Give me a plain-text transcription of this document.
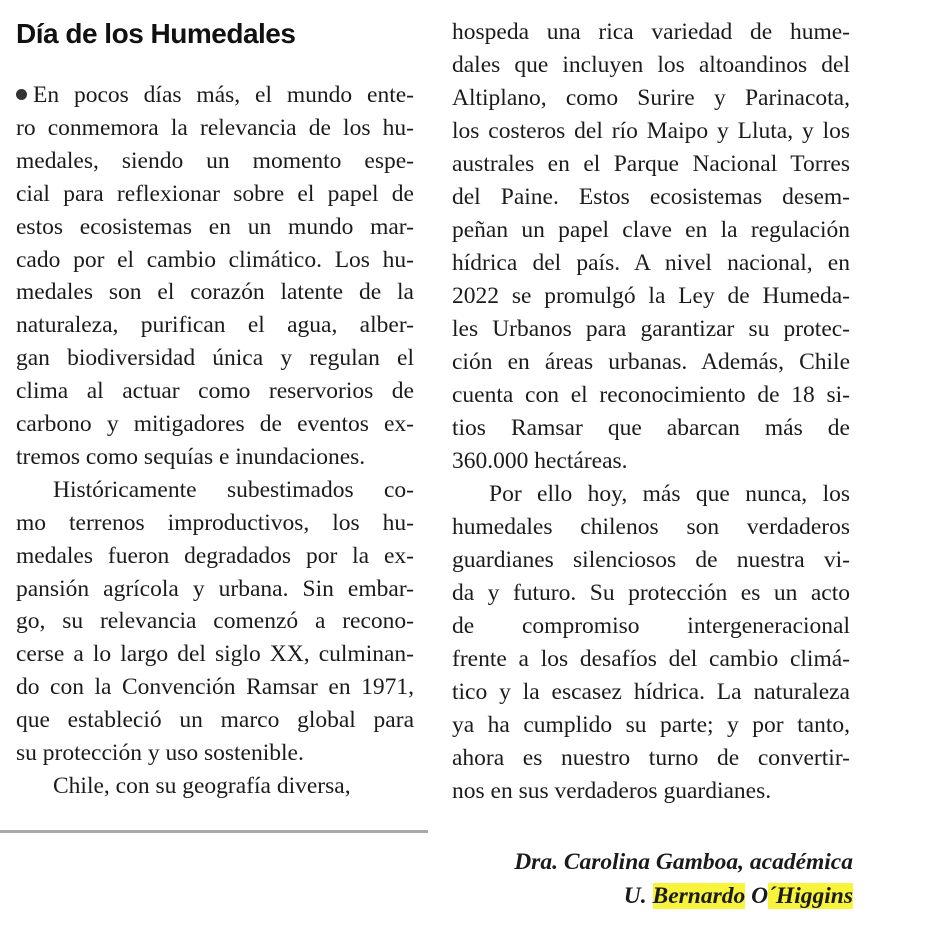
Día de los Humedales
En pocos días más, el mundo ente-
ro conmemora la relevancia de los hu-
medales, siendo un momento espe-
cial para reflexionar sobre el papel de
estos ecosistemas en un mundo mar-
cado por el cambio climático. Los hu-
medales son el corazón latente de la
naturaleza, purifican el agua, alber-
gan biodiversidad única y regulan el
clima al actuar como reservorios de
carbono y mitigadores de eventos ex-
tremos como sequías e inundaciones.
Históricamente subestimados co-
mo terrenos improductivos, los hu-
medales fueron degradados por la ex-
pansión agrícola y urbana. Sin embar-
go, su relevancia comenzó a recono-
cerse a lo largo del siglo XX, culminan-
do con la Convención Ramsar en 1971,
que estableció un marco global para
su protección y uso sostenible.
Chile, con su geografía diversa,
hospeda una rica variedad de hume-
dales que incluyen los altoandinos del
Altiplano, como Surire y Parinacota,
los costeros del río Maipo y Lluta, y los
australes en el Parque Nacional Torres
del Paine. Estos ecosistemas desem-
peñan un papel clave en la regulación
hídrica del país. A nivel nacional, en
2022 se promulgó la Ley de Humeda-
les Urbanos para garantizar su protec-
ción en áreas urbanas. Además, Chile
cuenta con el reconocimiento de 18 si-
tios Ramsar que abarcan más de
360.000 hectáreas.
Por ello hoy, más que nunca, los
humedales chilenos son verdaderos
guardianes silenciosos de nuestra vi-
da y futuro. Su protección es un acto
de compromiso intergeneracional
frente a los desafíos del cambio climá-
tico y la escasez hídrica. La naturaleza
ya ha cumplido su parte; y por tanto,
ahora es nuestro turno de convertir-
nos en sus verdaderos guardianes.
Dra. Carolina Gamboa, académica
U. Bernardo O´Higgins
